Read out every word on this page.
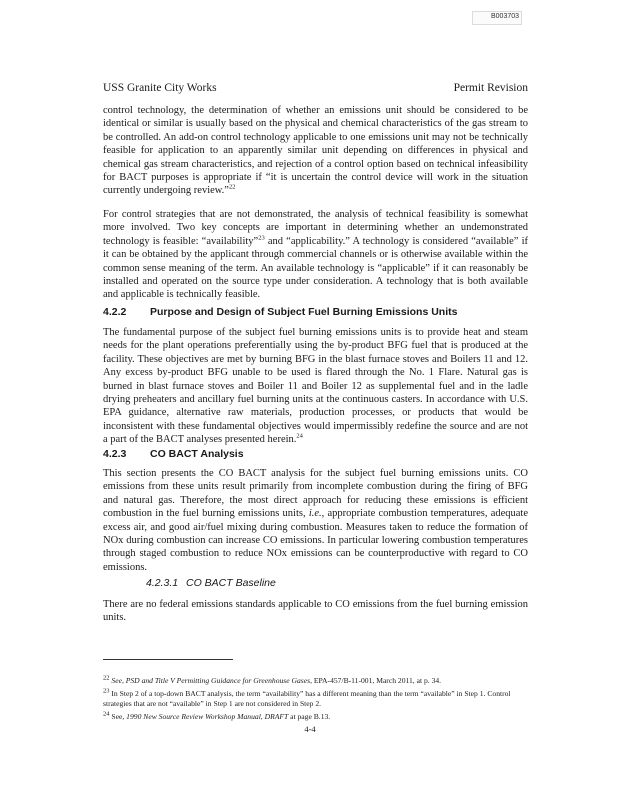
B003703
USS Granite City Works	Permit Revision

control technology, the determination of whether an emissions unit should be considered to be identical or similar is usually based on the physical and chemical characteristics of the gas stream to be controlled. An add-on control technology applicable to one emissions unit may not be technically feasible for application to an apparently similar unit depending on differences in physical and chemical gas stream characteristics, and rejection of a control option based on technical infeasibility for BACT purposes is appropriate if “it is uncertain the control device will work in the situation currently undergoing review.”$^{22}$

For control strategies that are not demonstrated, the analysis of technical feasibility is somewhat more involved. Two key concepts are important in determining whether an undemonstrated technology is feasible: “availability”$^{23}$ and “applicability.” A technology is considered “available” if it can be obtained by the applicant through commercial channels or is otherwise available within the common sense meaning of the term. An available technology is “applicable” if it can reasonably be installed and operated on the source type under consideration. A technology that is both available and applicable is technically feasible.

4.2.2 Purpose and Design of Subject Fuel Burning Emissions Units

The fundamental purpose of the subject fuel burning emissions units is to provide heat and steam needs for the plant operations preferentially using the by-product BFG fuel that is produced at the facility. These objectives are met by burning BFG in the blast furnace stoves and Boilers 11 and 12. Any excess by-product BFG unable to be used is flared through the No. 1 Flare. Natural gas is burned in blast furnace stoves and Boiler 11 and Boiler 12 as supplemental fuel and in the ladle drying preheaters and ancillary fuel burning units at the continuous casters. In accordance with U.S. EPA guidance, alternative raw materials, production processes, or products that would be inconsistent with these fundamental objectives would impermissibly redefine the source and are not a part of the BACT analyses presented herein.$^{24}$

4.2.3 CO BACT Analysis

This section presents the CO BACT analysis for the subject fuel burning emissions units. CO emissions from these units result primarily from incomplete combustion during the firing of BFG and natural gas. Therefore, the most direct approach for reducing these emissions is efficient combustion in the fuel burning emissions units, i.e., appropriate combustion temperatures, adequate excess air, and good air/fuel mixing during combustion. Measures taken to reduce the formation of NOx during combustion can increase CO emissions. In particular lowering combustion temperatures through staged combustion to reduce NOx emissions can be counterproductive with regard to CO emissions.

4.2.3.1 CO BACT Baseline

There are no federal emissions standards applicable to CO emissions from the fuel burning emission units.

$^{22}$ See, PSD and Title V Permitting Guidance for Greenhouse Gases, EPA-457/B-11-001, March 2011, at p. 34.

$^{23}$ In Step 2 of a top-down BACT analysis, the term “availability” has a different meaning than the term “available” in Step 1. Control strategies that are not “available” in Step 1 are not considered in Step 2.

$^{24}$ See, 1990 New Source Review Workshop Manual, DRAFT at page B.13.

4-4
